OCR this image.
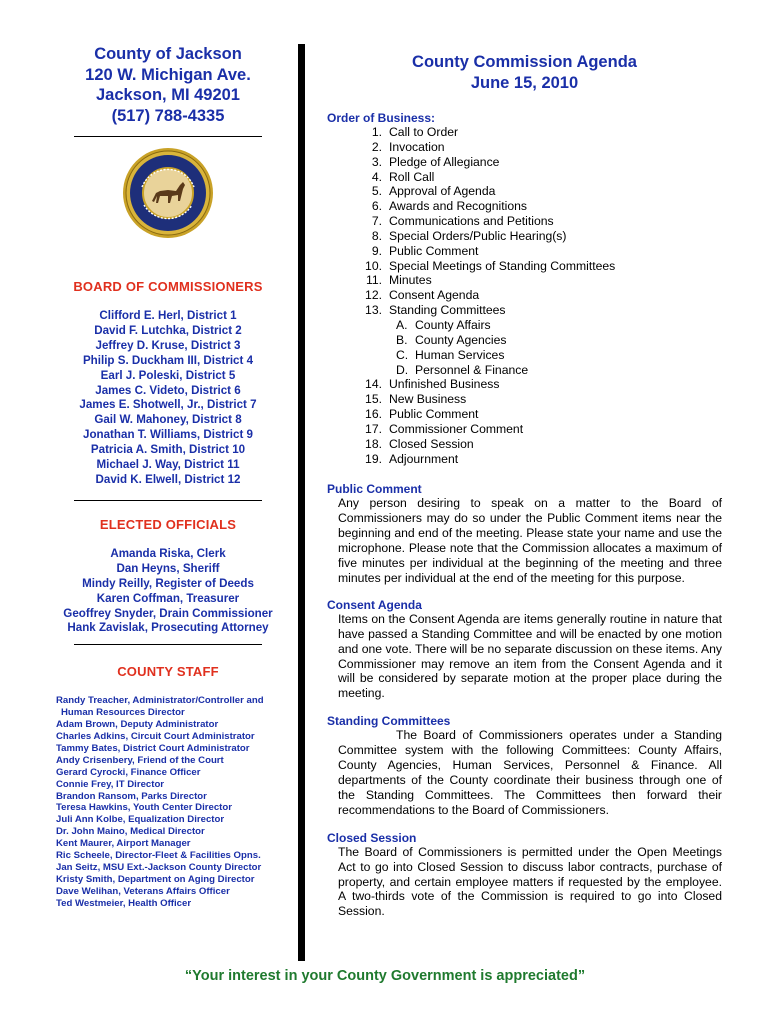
County of Jackson
120 W. Michigan Ave.
Jackson, MI 49201
(517) 788-4335
BOARD OF COMMISSIONERS
Clifford E. Herl, District 1
David F. Lutchka, District 2
Jeffrey D. Kruse, District 3
Philip S. Duckham III, District 4
Earl J. Poleski, District 5
James C. Videto, District 6
James E. Shotwell, Jr., District 7
Gail W. Mahoney, District 8
Jonathan T. Williams, District 9
Patricia A. Smith, District 10
Michael J. Way, District 11
David K. Elwell, District 12
ELECTED OFFICIALS
Amanda Riska, Clerk
Dan Heyns, Sheriff
Mindy Reilly, Register of Deeds
Karen Coffman, Treasurer
Geoffrey Snyder, Drain Commissioner
Hank Zavislak, Prosecuting Attorney
COUNTY STAFF
Randy Treacher, Administrator/Controller and
Human Resources Director
Adam Brown, Deputy Administrator
Charles Adkins, Circuit Court Administrator
Tammy Bates, District Court Administrator
Andy Crisenbery, Friend of the Court
Gerard Cyrocki, Finance Officer
Connie Frey, IT Director
Brandon Ransom, Parks Director
Teresa Hawkins, Youth Center Director
Juli Ann Kolbe, Equalization Director
Dr. John Maino, Medical Director
Kent Maurer, Airport Manager
Ric Scheele, Director-Fleet & Facilities Opns.
Jan Seitz, MSU Ext.-Jackson County Director
Kristy Smith, Department on Aging Director
Dave Welihan, Veterans Affairs Officer
Ted Westmeier, Health Officer
County Commission Agenda
June 15, 2010
Order of Business:
1. Call to Order
2. Invocation
3. Pledge of Allegiance
4. Roll Call
5. Approval of Agenda
6. Awards and Recognitions
7. Communications and Petitions
8. Special Orders/Public Hearing(s)
9. Public Comment
10. Special Meetings of Standing Committees
11. Minutes
12. Consent Agenda
13. Standing Committees
A. County Affairs
B. County Agencies
C. Human Services
D. Personnel & Finance
14. Unfinished Business
15. New Business
16. Public Comment
17. Commissioner Comment
18. Closed Session
19. Adjournment
Public Comment
Any person desiring to speak on a matter to the Board of Commissioners may do so under the Public Comment items near the beginning and end of the meeting. Please state your name and use the microphone. Please note that the Commission allocates a maximum of five minutes per individual at the beginning of the meeting and three minutes per individual at the end of the meeting for this purpose.
Consent Agenda
Items on the Consent Agenda are items generally routine in nature that have passed a Standing Committee and will be enacted by one motion and one vote. There will be no separate discussion on these items. Any Commissioner may remove an item from the Consent Agenda and it will be considered by separate motion at the proper place during the meeting.
Standing Committees
The Board of Commissioners operates under a Standing Committee system with the following Committees: County Affairs, County Agencies, Human Services, Personnel & Finance. All departments of the County coordinate their business through one of the Standing Committees. The Committees then forward their recommendations to the Board of Commissioners.
Closed Session
The Board of Commissioners is permitted under the Open Meetings Act to go into Closed Session to discuss labor contracts, purchase of property, and certain employee matters if requested by the employee. A two-thirds vote of the Commission is required to go into Closed Session.
“Your interest in your County Government is appreciated”
